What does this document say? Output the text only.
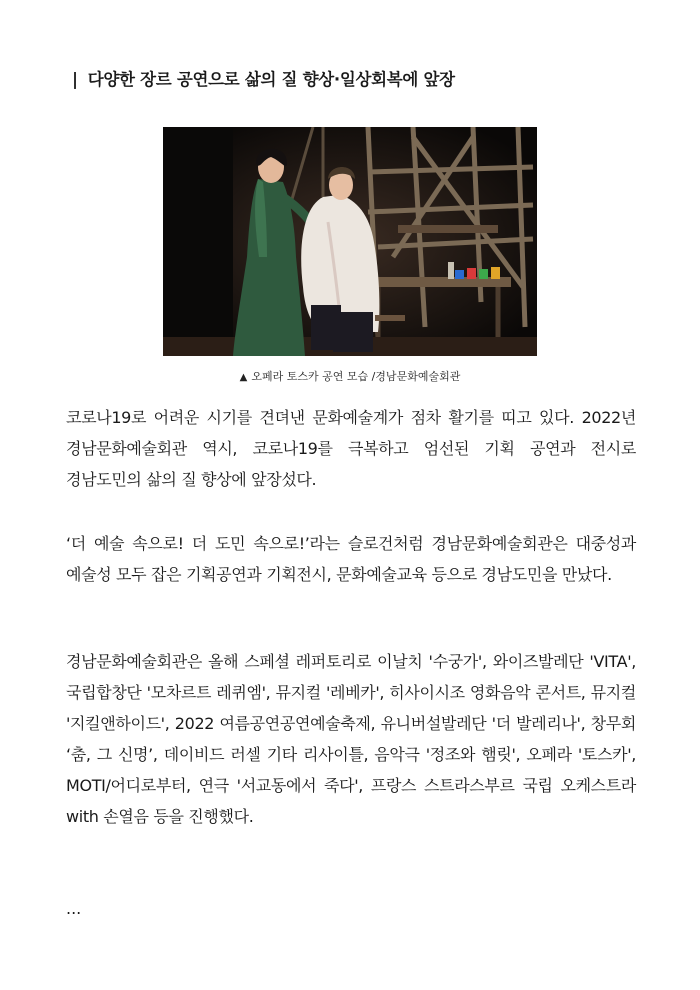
| 다양한 장르 공연으로 삶의 질 향상·일상회복에 앞장
▲ 오페라 토스카 공연 모습 /경남문화예술회관

코로나19로 어려운 시기를 견뎌낸 문화예술계가 점차 활기를 띠고 있다. 2022년 경남문화예술회관 역시, 코로나19를 극복하고 엄선된 기획 공연과 전시로 경남도민의 삶의 질 향상에 앞장섰다.

‘더 예술 속으로! 더 도민 속으로!’라는 슬로건처럼 경남문화예술회관은 대중성과 예술성 모두 잡은 기획공연과 기획전시, 문화예술교육 등으로 경남도민을 만났다.

경남문화예술회관은 올해 스페셜 레퍼토리로 이날치 '수궁가', 와이즈발레단 'VITA', 국립합창단 '모차르트 레퀴엠', 뮤지컬 '레베카', 히사이시조 영화음악 콘서트, 뮤지컬 '지킬앤하이드', 2022 여름공연공연예술축제, 유니버설발레단 '더 발레리나', 창무회 ‘춤, 그 신명’, 데이비드 러셀 기타 리사이틀, 음악극 '정조와 햄릿', 오페라 '토스카', MOTI/어디로부터, 연극 '서교동에서 죽다', 프랑스 스트라스부르 국립 오케스트라 with 손열음 등을 진행했다.

...
